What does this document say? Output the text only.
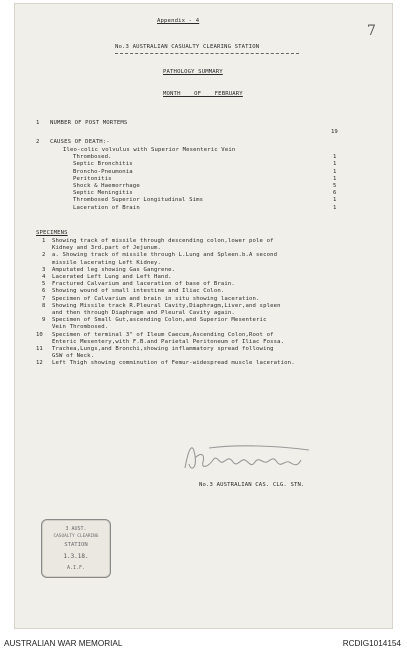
Appendix - 4
7
No.3 AUSTRALIAN CASUALTY CLEARING STATION
PATHOLOGY SUMMARY
MONTH OF FEBRUARY
1 NUMBER OF POST MORTEMS
19
2 CAUSES OF DEATH:-
Ileo-colic volvulus with Superior Mesenteric Vein
Thrombosed.	1
Septic Bronchitis	1
Broncho-Pneumonia	1
Peritonitis	1
Shock & Haemorrhage	5
Septic Meningitis	6
Thrombosed Superior Longitudinal Sims	1
Laceration of Brain	1
SPECIMENS
1 Showing track of missile through descending colon,lower pole of
Kidney and 3rd.part of Jejunum.
2 a. Showing track of missile through L.Lung and Spleen.b.A second
missile lacerating Left Kidney.
3 Amputated leg showing Gas Gangrene.
4 Lacerated Left Lung and Left Hand.
5 Fractured Calvarium and laceration of base of Brain.
6 Showing wound of small intestine and Iliac Colon.
7 Specimen of Calvarium and brain in situ showing laceration.
8 Showing Missile track R.Pleural Cavity,Diaphragm,Liver,and spleen
and then through Diaphragm and Pleural Cavity again.
9 Specimen of Small Gut,ascending Colon,and Superior Mesenteric
Vein Thrombosed.
10 Specimen of terminal 3" of Ileum Caecum,Ascending Colon,Root of
Enteric Mesentery,with F.B.and Parietal Peritoneum of Iliac Fossa.
11 Trachea,Lungs,and Bronchi,showing inflammatory spread following
GSW of Neck.
12 Left Thigh showing comminution of Femur-widespread muscle laceration.
No.3 AUSTRALIAN CAS. CLG. STN.
3 AUST.
CASUALTY CLEARING
STATION
1.3.18.
A.I.F.
AUSTRALIAN WAR MEMORIAL	RCDIG1014154
